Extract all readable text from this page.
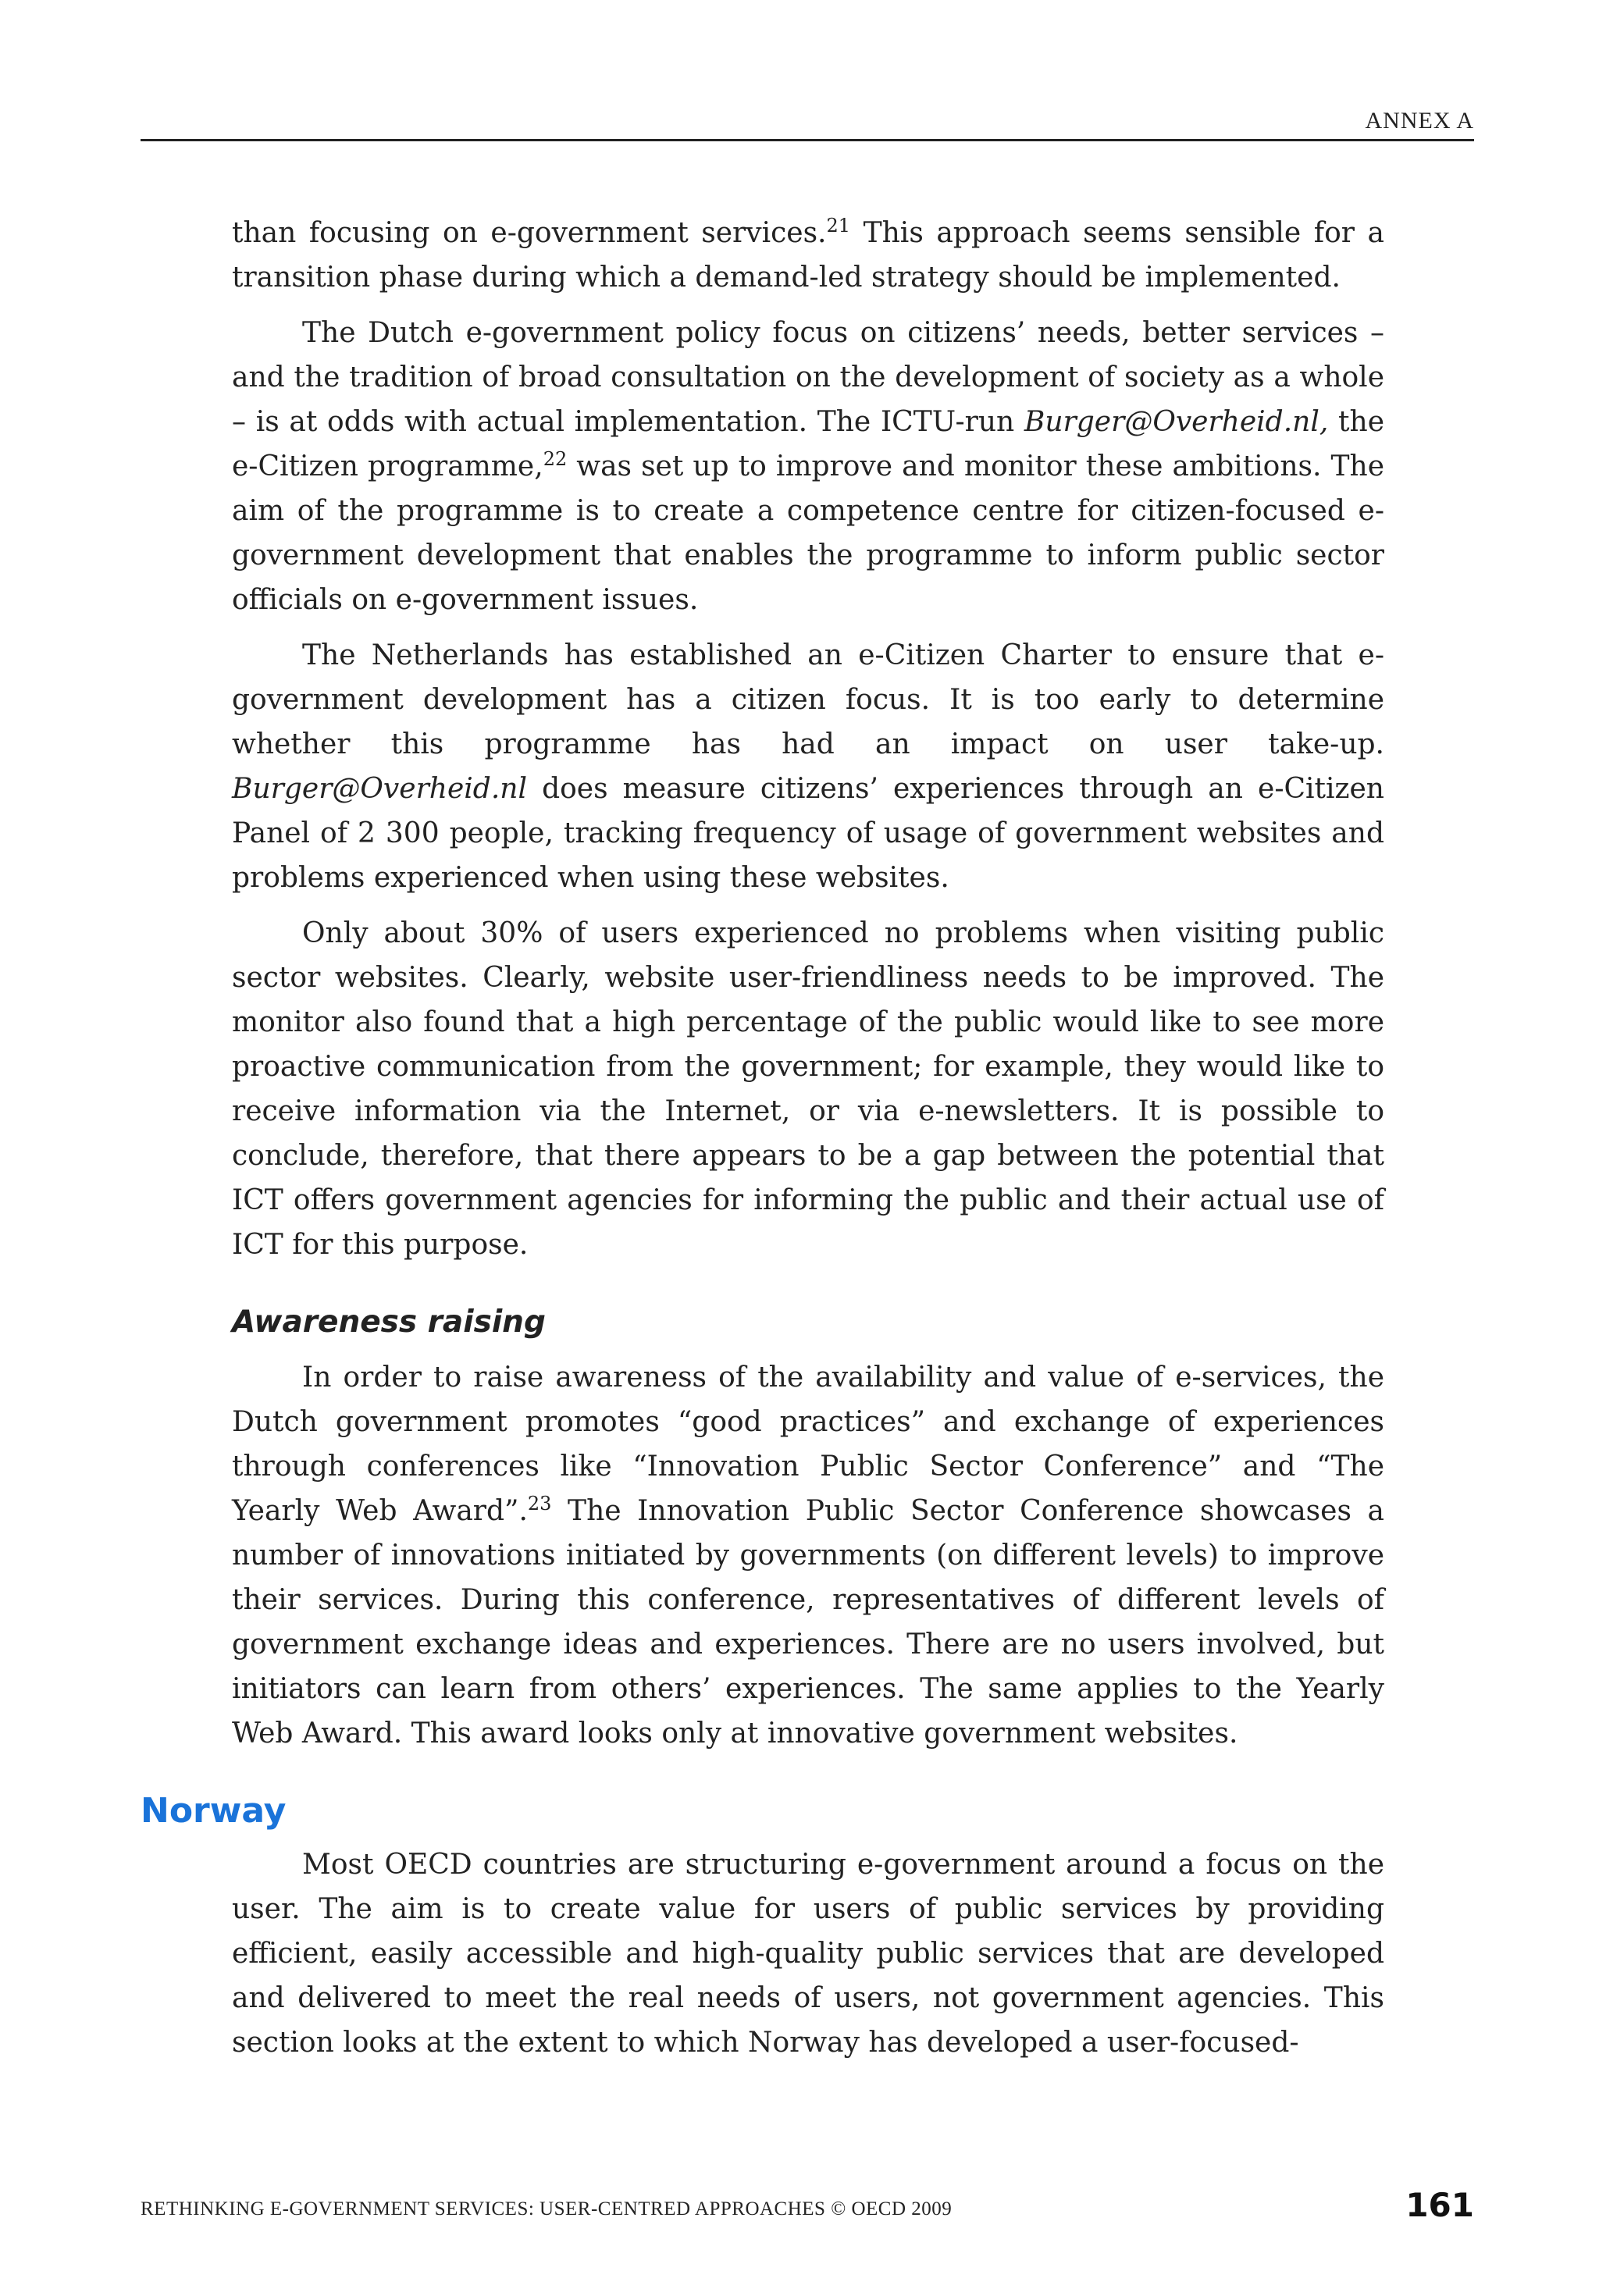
ANNEX A

than focusing on e-government services.$^{21}$ This approach seems sensible for a transition phase during which a demand-led strategy should be implemented.

The Dutch e-government policy focus on citizens’ needs, better services – and the tradition of broad consultation on the development of society as a whole – is at odds with actual implementation. The ICTU-run Burger@Overheid.nl, the e-Citizen programme,$^{22}$ was set up to improve and monitor these ambitions. The aim of the programme is to create a competence centre for citizen-focused e-government development that enables the programme to inform public sector officials on e-government issues.

The Netherlands has established an e-Citizen Charter to ensure that e-government development has a citizen focus. It is too early to determine whether this programme has had an impact on user take-up. Burger@Overheid.nl does measure citizens’ experiences through an e-Citizen Panel of 2 300 people, tracking frequency of usage of government websites and problems experienced when using these websites.

Only about 30% of users experienced no problems when visiting public sector websites. Clearly, website user-friendliness needs to be improved. The monitor also found that a high percentage of the public would like to see more proactive communication from the government; for example, they would like to receive information via the Internet, or via e-newsletters. It is possible to conclude, therefore, that there appears to be a gap between the potential that ICT offers government agencies for informing the public and their actual use of ICT for this purpose.

Awareness raising

In order to raise awareness of the availability and value of e-services, the Dutch government promotes “good practices” and exchange of experiences through conferences like “Innovation Public Sector Conference” and “The Yearly Web Award”.$^{23}$ The Innovation Public Sector Conference showcases a number of innovations initiated by governments (on different levels) to improve their services. During this conference, representatives of different levels of government exchange ideas and experiences. There are no users involved, but initiators can learn from others’ experiences. The same applies to the Yearly Web Award. This award looks only at innovative government websites.

Norway

Most OECD countries are structuring e-government around a focus on the user. The aim is to create value for users of public services by providing efficient, easily accessible and high-quality public services that are developed and delivered to meet the real needs of users, not government agencies. This section looks at the extent to which Norway has developed a user-focused-

RETHINKING E-GOVERNMENT SERVICES: USER-CENTRED APPROACHES © OECD 2009	161
